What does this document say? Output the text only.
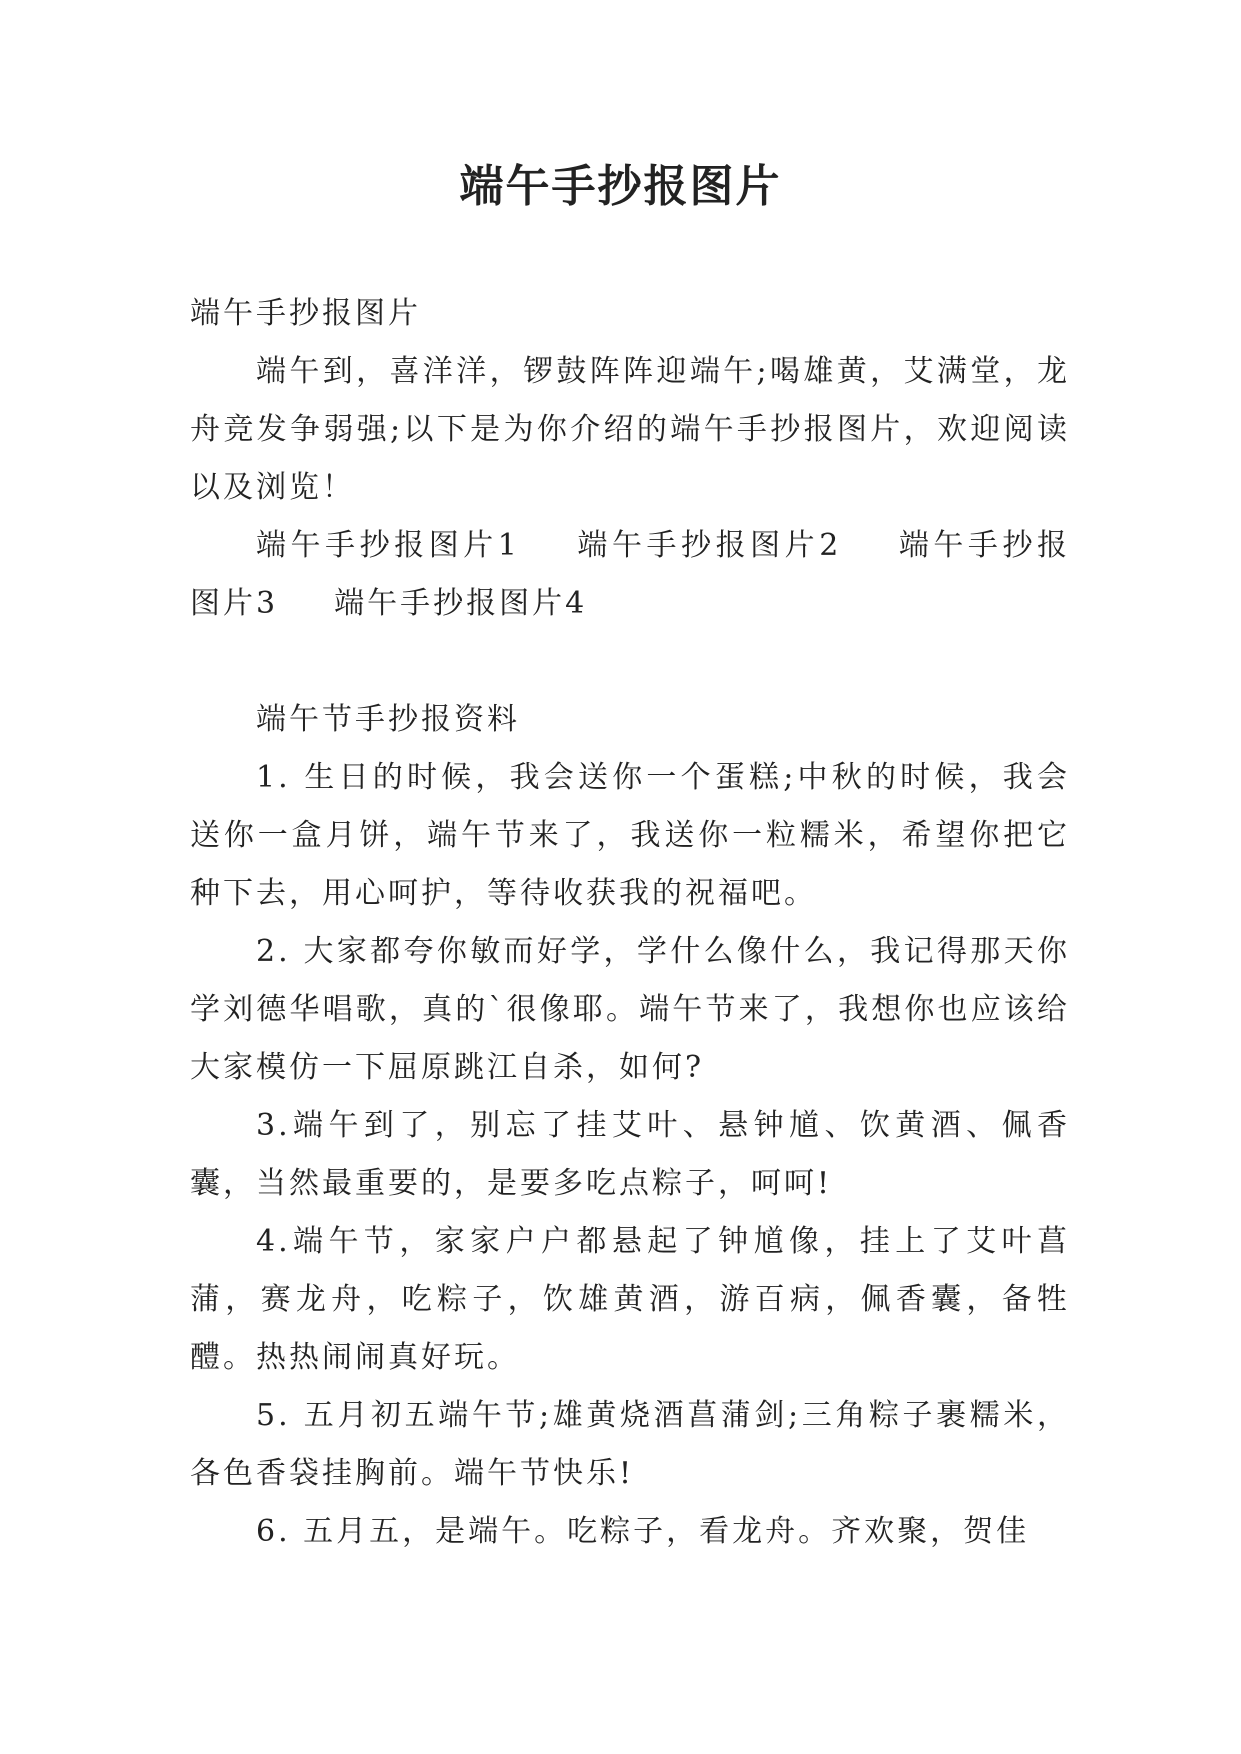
端午手抄报图片

端午手抄报图片

端午到，喜洋洋，锣鼓阵阵迎端午;喝雄黄，艾满堂，龙舟竞发争弱强;以下是为你介绍的端午手抄报图片，欢迎阅读以及浏览！

端午手抄报图片1 端午手抄报图片2 端午手抄报图片3 端午手抄报图片4

端午节手抄报资料

1. 生日的时候，我会送你一个蛋糕;中秋的时候，我会送你一盒月饼，端午节来了，我送你一粒糯米，希望你把它种下去，用心呵护，等待收获我的祝福吧。

2. 大家都夸你敏而好学，学什么像什么，我记得那天你学刘德华唱歌，真的`很像耶。端午节来了，我想你也应该给大家模仿一下屈原跳江自杀，如何?

3.端午到了，别忘了挂艾叶、悬钟馗、饮黄酒、佩香囊，当然最重要的，是要多吃点粽子，呵呵!

4.端午节，家家户户都悬起了钟馗像，挂上了艾叶菖蒲，赛龙舟，吃粽子，饮雄黄酒，游百病，佩香囊，备牲醴。热热闹闹真好玩。

5. 五月初五端午节;雄黄烧酒菖蒲剑;三角粽子裹糯米，各色香袋挂胸前。端午节快乐!

6. 五月五，是端午。吃粽子，看龙舟。齐欢聚，贺佳
